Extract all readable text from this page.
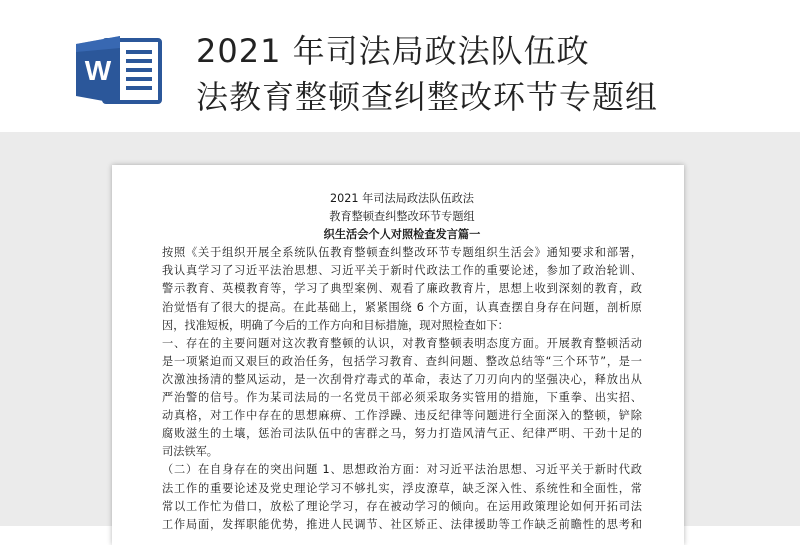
W
2021 年司法局政法队伍政
法教育整顿查纠整改环节专题组
2021 年司法局政法队伍政法
教育整顿查纠整改环节专题组
织生活会个人对照检查发言篇一
按照《关于组织开展全系统队伍教育整顿查纠整改环节专题组织生活会》通知要求和部署，
我认真学习了习近平法治思想、习近平关于新时代政法工作的重要论述，参加了政治轮训、
警示教育、英模教育等，学习了典型案例、观看了廉政教育片，思想上收到深刻的教育，政
治觉悟有了很大的提高。在此基础上，紧紧围绕 6 个方面，认真查摆自身存在问题，剖析原
因，找准短板，明确了今后的工作方向和目标措施，现对照检查如下：
一、存在的主要问题对这次教育整顿的认识，对教育整顿表明态度方面。开展教育整顿活动
是一项紧迫而又艰巨的政治任务，包括学习教育、查纠问题、整改总结等“三个环节”，是一
次激浊扬清的整风运动，是一次刮骨疗毒式的革命，表达了刀刃向内的坚强决心，释放出从
严治警的信号。作为某司法局的一名党员干部必须采取务实管用的措施，下重拳、出实招、
动真格，对工作中存在的思想麻痹、工作浮躁、违反纪律等问题进行全面深入的整顿，铲除
腐败滋生的土壤，惩治司法队伍中的害群之马，努力打造风清气正、纪律严明、干劲十足的
司法铁军。
（二）在自身存在的突出问题 1、思想政治方面：对习近平法治思想、习近平关于新时代政
法工作的重要论述及党史理论学习不够扎实，浮皮潦草，缺乏深入性、系统性和全面性，常
常以工作忙为借口，放松了理论学习，存在被动学习的倾向。在运用政策理论如何开拓司法
工作局面，发挥职能优势，推进人民调节、社区矫正、法律援助等工作缺乏前瞻性的思考和
